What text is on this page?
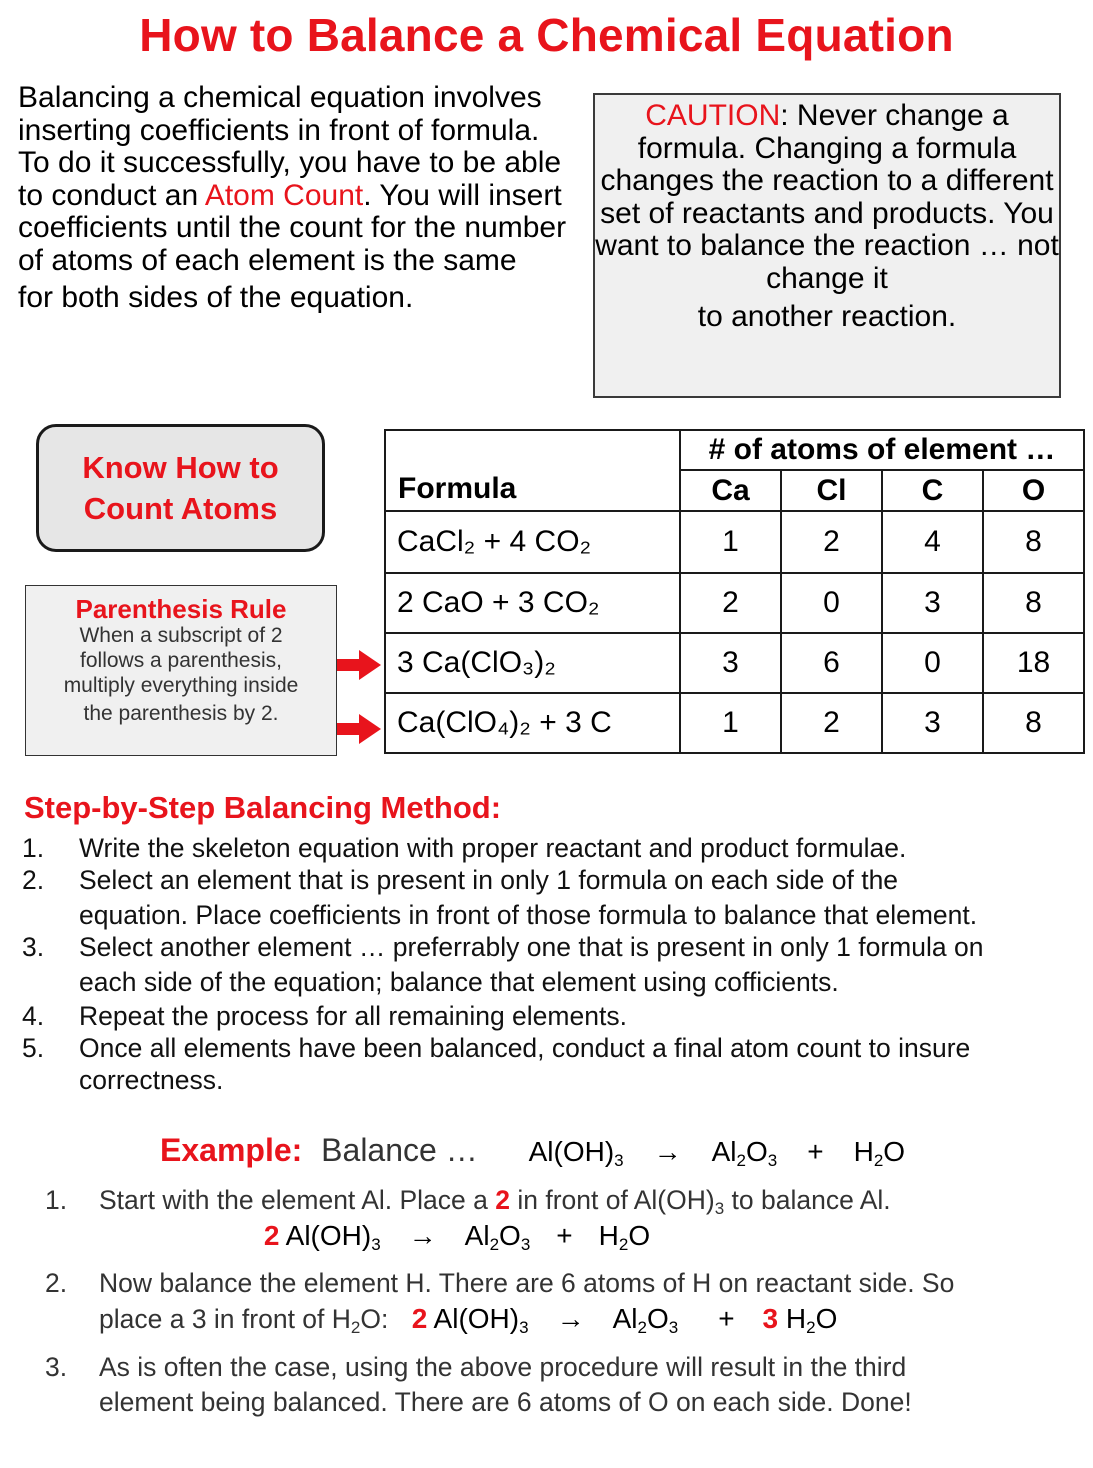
How to Balance a Chemical Equation
Balancing a chemical equation involves inserting coefficients in front of formula. To do it successfully, you have to be able to conduct an Atom Count. You will insert coefficients until the count for the number of atoms of each element is the same
for both sides of the equation.
CAUTION: Never change a formula. Changing a formula changes the reaction to a different set of reactants and products. You want to balance the reaction … not change it
to another reaction.
Know How to
Count Atoms
Parenthesis Rule
When a subscript of 2
follows a parenthesis,
multiply everything inside
the parenthesis by 2.
Formula	# of atoms of element …			
	Ca	Cl	C	O
CaCl₂ + 4 CO₂	1	2	4	8
2 CaO + 3 CO₂	2	0	3	8
3 Ca(ClO₃)₂	3	6	0	18
Ca(ClO₄)₂ + 3 C	1	2	3	8
Step-by-Step Balancing Method:
1. Write the skeleton equation with proper reactant and product formulae.
2. Select an element that is present in only 1 formula on each side of the
equation. Place coefficients in front of those formula to balance that element.
3. Select another element … preferrably one that is present in only 1 formula on
each side of the equation; balance that element using cofficients.
4. Repeat the process for all remaining elements.
5. Once all elements have been balanced, conduct a final atom count to insure
correctness.
Example: Balance … $Al(OH)_3 \to Al_2O_3 + H_2O$
1. Start with the element Al. Place a 2 in front of $Al(OH)_3$ to balance Al.
2 $Al(OH)_3 \to Al_2O_3 + H_2O$
2. Now balance the element H. There are 6 atoms of H on reactant side. So
place a 3 in front of $H_2O$: 2 $Al(OH)_3 \to Al_2O_3 + 3$ $H_2O$
3. As is often the case, using the above procedure will result in the third
element being balanced. There are 6 atoms of O on each side. Done!
